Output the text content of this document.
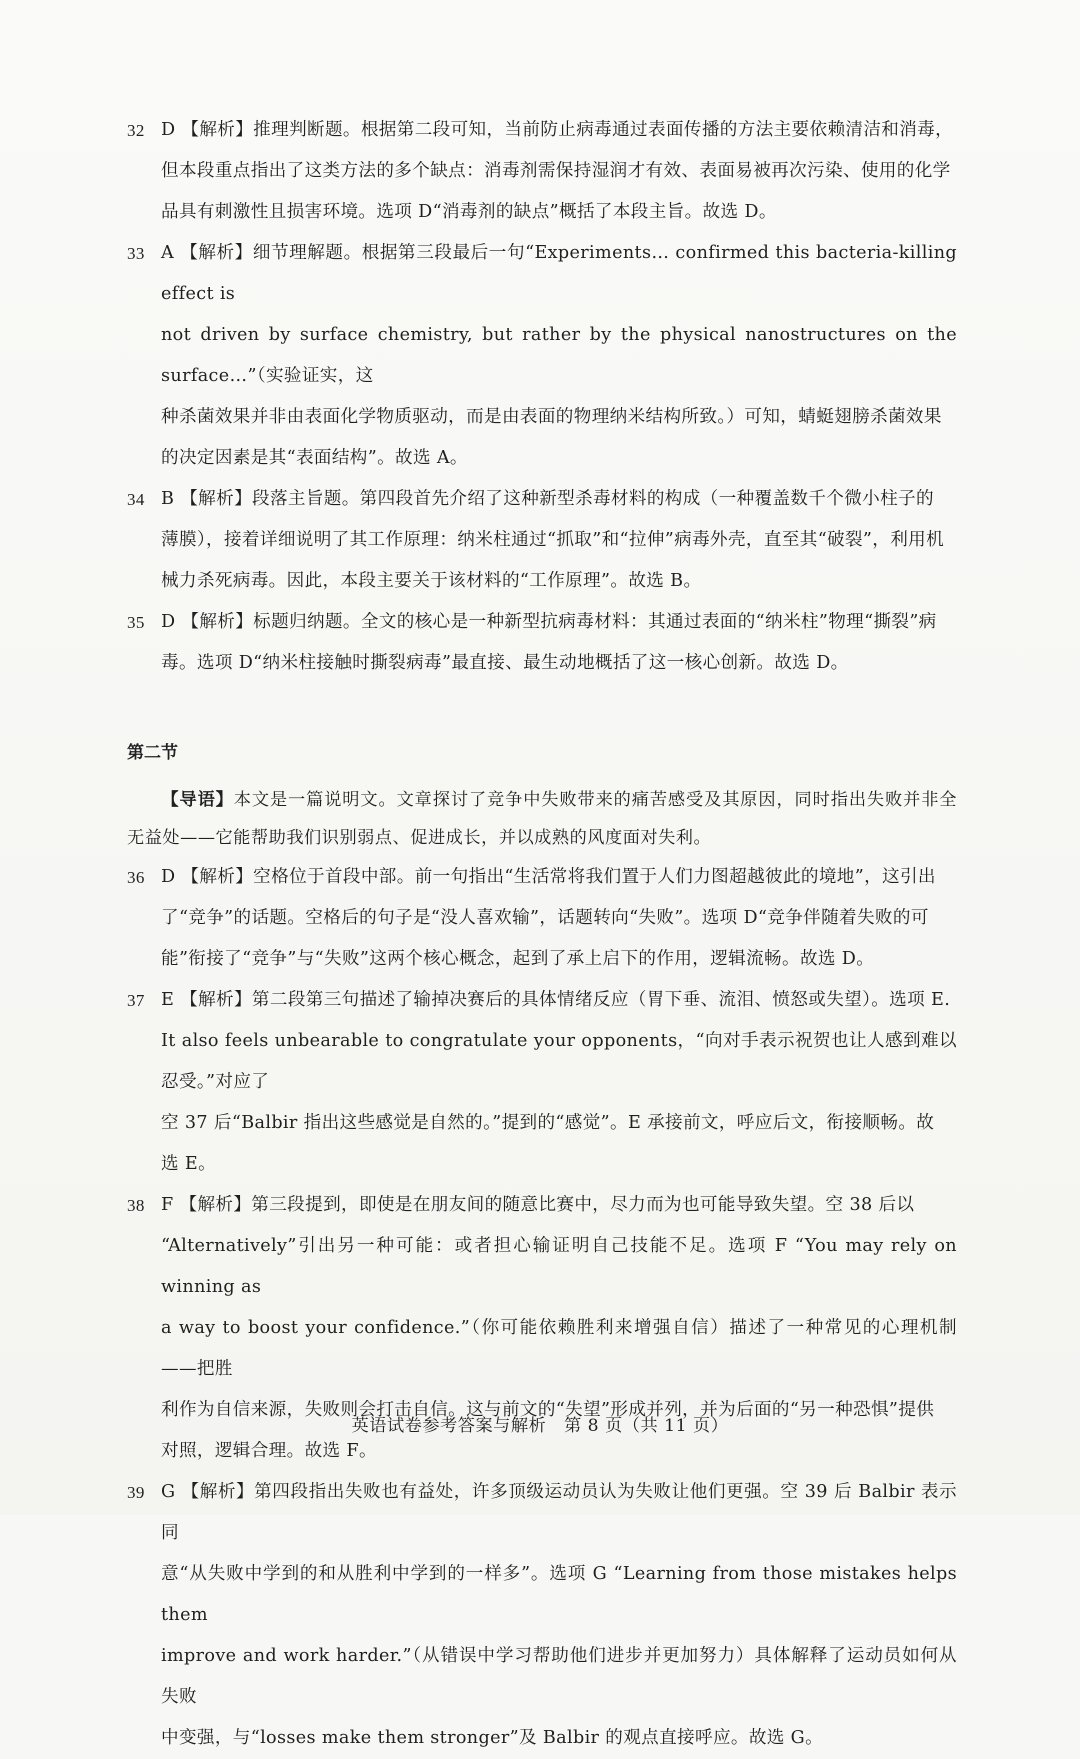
32 D 【解析】推理判断题。根据第二段可知，当前防止病毒通过表面传播的方法主要依赖清洁和消毒，
但本段重点指出了这类方法的多个缺点：消毒剂需保持湿润才有效、表面易被再次污染、使用的化学
品具有刺激性且损害环境。选项 D“消毒剂的缺点”概括了本段主旨。故选 D。
33 A 【解析】细节理解题。根据第三段最后一句“Experiments… confirmed this bacteria-killing effect is
not driven by surface chemistry, but rather by the physical nanostructures on the surface…”（实验证实，这
种杀菌效果并非由表面化学物质驱动，而是由表面的物理纳米结构所致。）可知，蜻蜓翅膀杀菌效果
的决定因素是其“表面结构”。故选 A。
34 B 【解析】段落主旨题。第四段首先介绍了这种新型杀毒材料的构成（一种覆盖数千个微小柱子的
薄膜），接着详细说明了其工作原理：纳米柱通过“抓取”和“拉伸”病毒外壳，直至其“破裂”，利用机
械力杀死病毒。因此，本段主要关于该材料的“工作原理”。故选 B。
35 D 【解析】标题归纳题。全文的核心是一种新型抗病毒材料：其通过表面的“纳米柱”物理“撕裂”病
毒。选项 D“纳米柱接触时撕裂病毒”最直接、最生动地概括了这一核心创新。故选 D。
第二节

【导语】本文是一篇说明文。文章探讨了竞争中失败带来的痛苦感受及其原因，同时指出失败并非全无益处——它能帮助我们识别弱点、促进成长，并以成熟的风度面对失利。

36 D 【解析】空格位于首段中部。前一句指出“生活常将我们置于人们力图超越彼此的境地”，这引出
了“竞争”的话题。空格后的句子是“没人喜欢输”，话题转向“失败”。选项 D“竞争伴随着失败的可
能”衔接了“竞争”与“失败”这两个核心概念，起到了承上启下的作用，逻辑流畅。故选 D。
37 E 【解析】第二段第三句描述了输掉决赛后的具体情绪反应（胃下垂、流泪、愤怒或失望）。选项 E.
It also feels unbearable to congratulate your opponents，“向对手表示祝贺也让人感到难以忍受。”对应了
空 37 后“Balbir 指出这些感觉是自然的。”提到的“感觉”。E 承接前文，呼应后文，衔接顺畅。故
选 E。
38 F 【解析】第三段提到，即使是在朋友间的随意比赛中，尽力而为也可能导致失望。空 38 后以
“Alternatively”引出另一种可能：或者担心输证明自己技能不足。选项 F “You may rely on winning as
a way to boost your confidence.”（你可能依赖胜利来增强自信）描述了一种常见的心理机制——把胜
利作为自信来源，失败则会打击自信。这与前文的“失望”形成并列，并为后面的“另一种恐惧”提供
对照，逻辑合理。故选 F。
39 G 【解析】第四段指出失败也有益处，许多顶级运动员认为失败让他们更强。空 39 后 Balbir 表示同
意“从失败中学到的和从胜利中学到的一样多”。选项 G “Learning from those mistakes helps them
improve and work harder.”（从错误中学习帮助他们进步并更加努力）具体解释了运动员如何从失败
中变强，与“losses make them stronger”及 Balbir 的观点直接呼应。故选 G。
英语试卷参考答案与解析　第 8 页（共 11 页）
